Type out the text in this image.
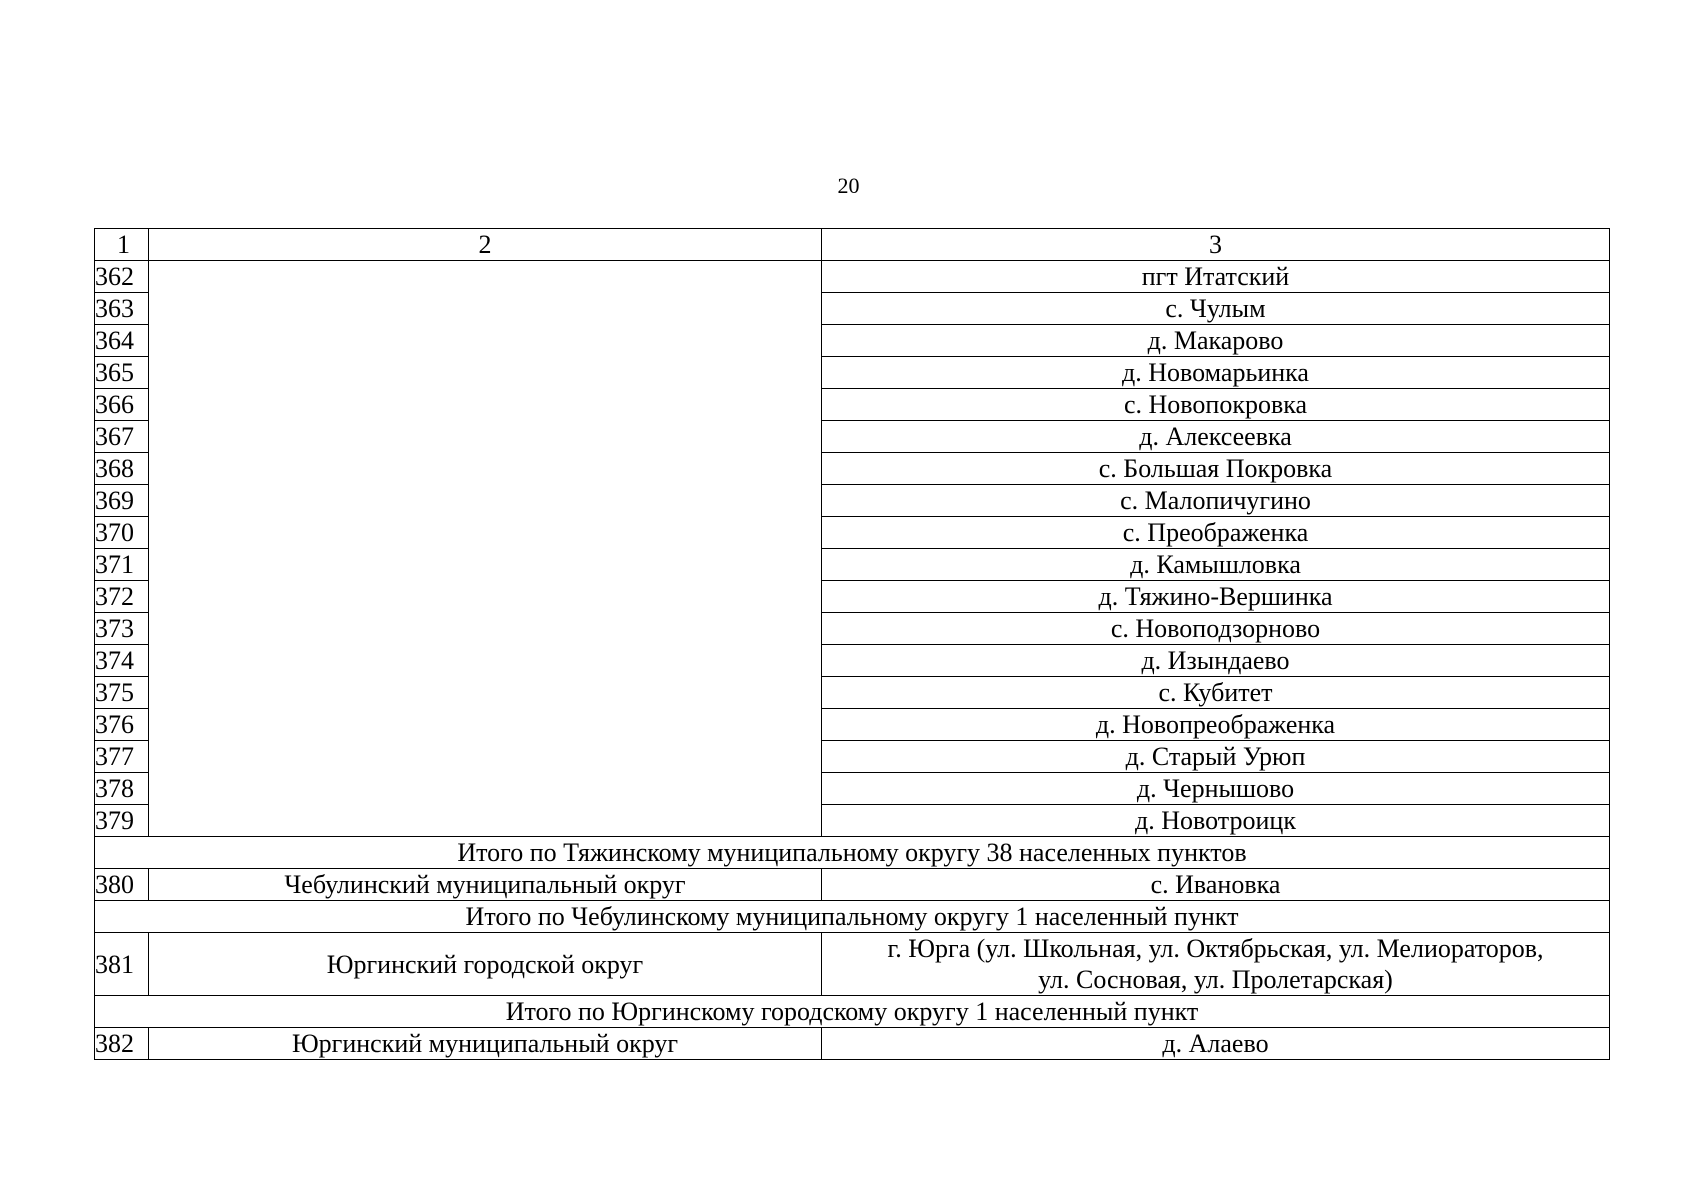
20
1	2	3
362		пгт Итатский
363		с. Чулым
364		д. Макарово
365		д. Новомарьинка
366		с. Новопокровка
367		д. Алексеевка
368		с. Большая Покровка
369		с. Малопичугино
370		с. Преображенка
371		д. Камышловка
372		д. Тяжино-Вершинка
373		с. Новоподзорново
374		д. Изындаево
375		с. Кубитет
376		д. Новопреображенка
377		д. Старый Урюп
378		д. Чернышово
379		д. Новотроицк
Итого по Тяжинскому муниципальному округу 38 населенных пунктов		
380	Чебулинский муниципальный округ	с. Ивановка
Итого по Чебулинскому муниципальному округу 1 населенный пункт		
381	Юргинский городской округ	г. Юрга (ул. Школьная, ул. Октябрьская, ул. Мелиораторов,
ул. Сосновая, ул. Пролетарская)

Итого по Юргинскому городскому округу 1 населенный пункт		
382	Юргинский муниципальный округ	д. Алаево
